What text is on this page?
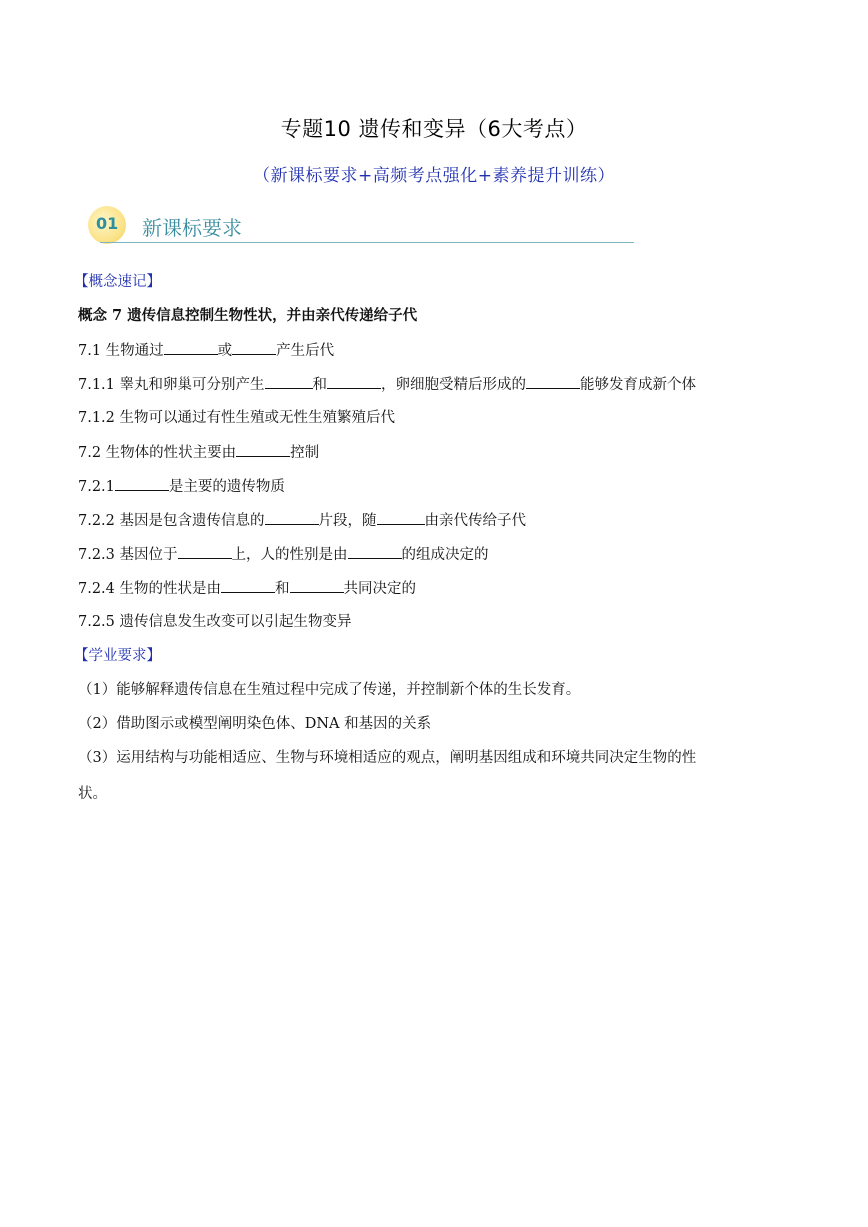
专题10 遗传和变异（6大考点）
（新课标要求+高频考点强化+素养提升训练）
01 新课标要求
【概念速记】
概念 7 遗传信息控制生物性状，并由亲代传递给子代
7.1 生物通过	或	产生后代
7.1.1 睾丸和卵巢可分别产生	和	，卵细胞受精后形成的	能够发育成新个体
7.1.2 生物可以通过有性生殖或无性生殖繁殖后代
7.2 生物体的性状主要由	控制
7.2.1	是主要的遗传物质
7.2.2 基因是包含遗传信息的	片段，随	由亲代传给子代
7.2.3 基因位于	上，人的性别是由	的组成决定的
7.2.4 生物的性状是由	和	共同决定的
7.2.5 遗传信息发生改变可以引起生物变异
【学业要求】
（1）能够解释遗传信息在生殖过程中完成了传递，并控制新个体的生长发育。
（2）借助图示或模型阐明染色体、DNA 和基因的关系
（3）运用结构与功能相适应、生物与环境相适应的观点，阐明基因组成和环境共同决定生物的性
状。
